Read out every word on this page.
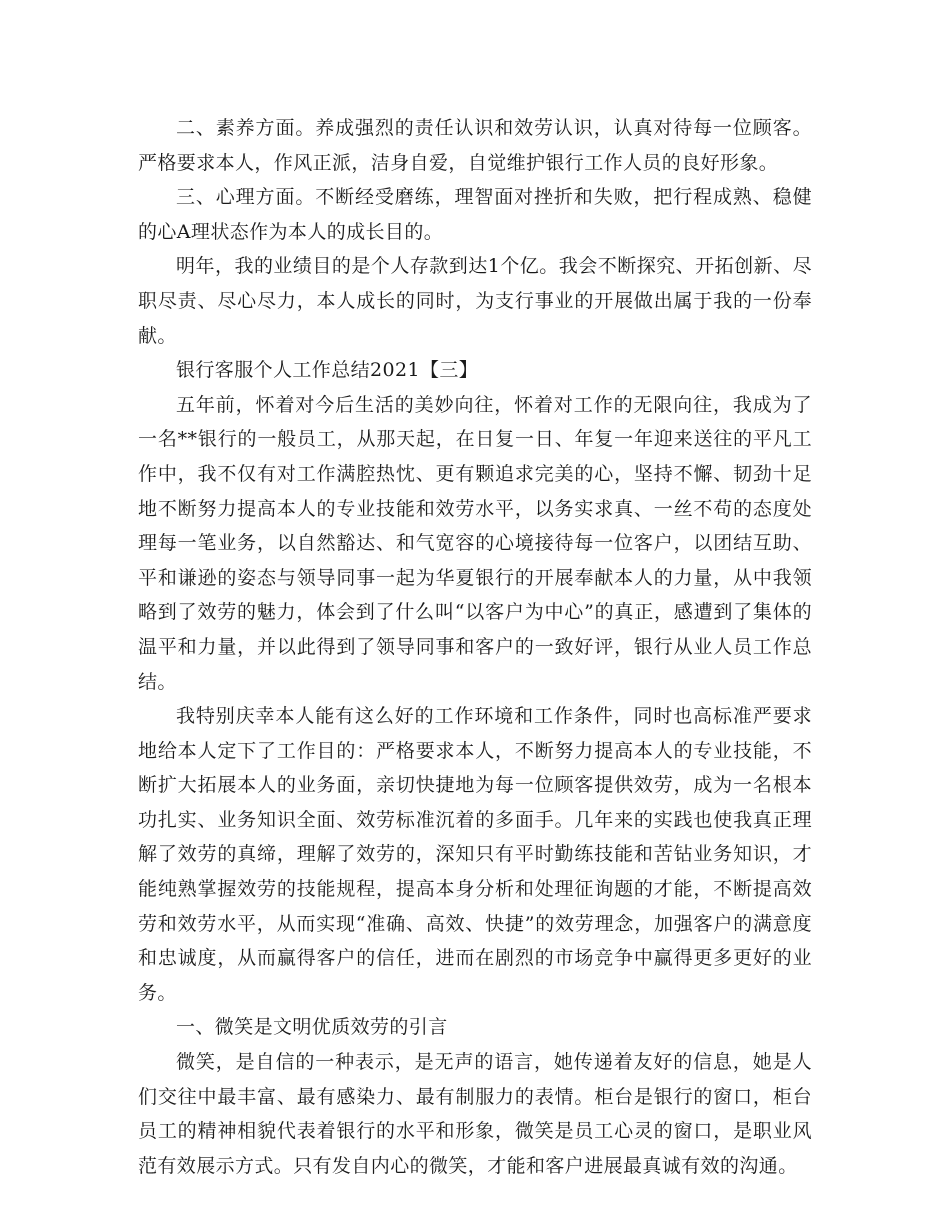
二、素养方面。养成强烈的责任认识和效劳认识，认真对待每一位顾客。严格要求本人，作风正派，洁身自爱，自觉维护银行工作人员的良好形象。

三、心理方面。不断经受磨练，理智面对挫折和失败，把行程成熟、稳健的心A理状态作为本人的成长目的。

明年，我的业绩目的是个人存款到达1个亿。我会不断探究、开拓创新、尽职尽责、尽心尽力，本人成长的同时，为支行事业的开展做出属于我的一份奉献。

银行客服个人工作总结2021【三】

五年前，怀着对今后生活的美妙向往，怀着对工作的无限向往，我成为了一名**银行的一般员工，从那天起，在日复一日、年复一年迎来送往的平凡工作中，我不仅有对工作满腔热忱、更有颗追求完美的心，坚持不懈、韧劲十足地不断努力提高本人的专业技能和效劳水平，以务实求真、一丝不苟的态度处理每一笔业务，以自然豁达、和气宽容的心境接待每一位客户，以团结互助、平和谦逊的姿态与领导同事一起为华夏银行的开展奉献本人的力量，从中我领略到了效劳的魅力，体会到了什么叫“以客户为中心”的真正，感遭到了集体的温平和力量，并以此得到了领导同事和客户的一致好评，银行从业人员工作总结。

我特别庆幸本人能有这么好的工作环境和工作条件，同时也高标准严要求地给本人定下了工作目的：严格要求本人，不断努力提高本人的专业技能，不断扩大拓展本人的业务面，亲切快捷地为每一位顾客提供效劳，成为一名根本功扎实、业务知识全面、效劳标准沉着的多面手。几年来的实践也使我真正理解了效劳的真缔，理解了效劳的，深知只有平时勤练技能和苦钻业务知识，才能纯熟掌握效劳的技能规程，提高本身分析和处理征询题的才能，不断提高效劳和效劳水平，从而实现“准确、高效、快捷”的效劳理念，加强客户的满意度和忠诚度，从而赢得客户的信任，进而在剧烈的市场竞争中赢得更多更好的业务。

一、微笑是文明优质效劳的引言

微笑，是自信的一种表示，是无声的语言，她传递着友好的信息，她是人们交往中最丰富、最有感染力、最有制服力的表情。柜台是银行的窗口，柜台员工的精神相貌代表着银行的水平和形象，微笑是员工心灵的窗口，是职业风范有效展示方式。只有发自内心的微笑，才能和客户进展最真诚有效的沟通。
